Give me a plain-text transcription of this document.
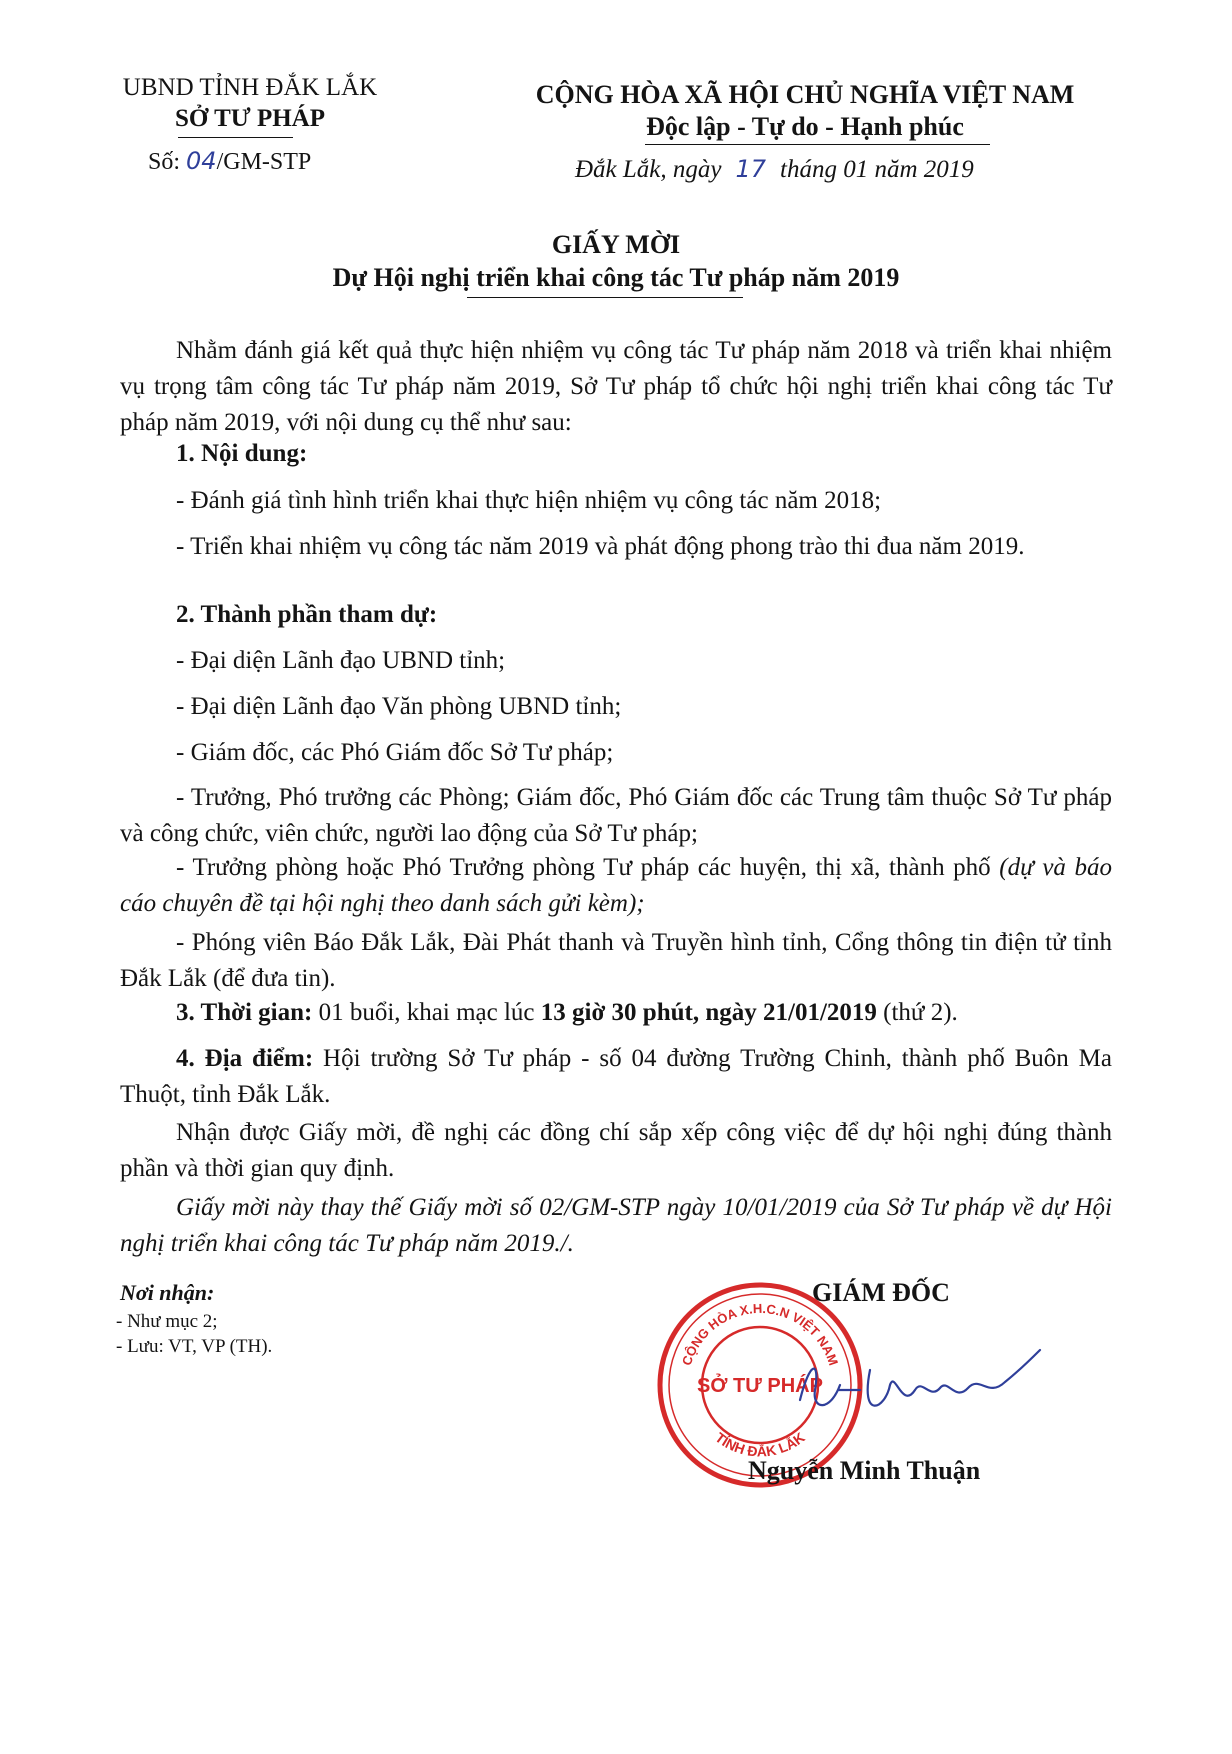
UBND TỈNH ĐẮK LẮK
SỞ TƯ PHÁP
Số: 04/GM-STP
CỘNG HÒA XÃ HỘI CHỦ NGHĨA VIỆT NAM
Độc lập - Tự do - Hạnh phúc
Đắk Lắk, ngày 17 tháng 01 năm 2019
GIẤY MỜI
Dự Hội nghị triển khai công tác Tư pháp năm 2019
Nhằm đánh giá kết quả thực hiện nhiệm vụ công tác Tư pháp năm 2018 và triển khai nhiệm vụ trọng tâm công tác Tư pháp năm 2019, Sở Tư pháp tổ chức hội nghị triển khai công tác Tư pháp năm 2019, với nội dung cụ thể như sau:
1. Nội dung:
- Đánh giá tình hình triển khai thực hiện nhiệm vụ công tác năm 2018;
- Triển khai nhiệm vụ công tác năm 2019 và phát động phong trào thi đua năm 2019.
2. Thành phần tham dự:
- Đại diện Lãnh đạo UBND tỉnh;
- Đại diện Lãnh đạo Văn phòng UBND tỉnh;
- Giám đốc, các Phó Giám đốc Sở Tư pháp;
- Trưởng, Phó trưởng các Phòng; Giám đốc, Phó Giám đốc các Trung tâm thuộc Sở Tư pháp và công chức, viên chức, người lao động của Sở Tư pháp;
- Trưởng phòng hoặc Phó Trưởng phòng Tư pháp các huyện, thị xã, thành phố (dự và báo cáo chuyên đề tại hội nghị theo danh sách gửi kèm);
- Phóng viên Báo Đắk Lắk, Đài Phát thanh và Truyền hình tỉnh, Cổng thông tin điện tử tỉnh Đắk Lắk (để đưa tin).
3. Thời gian: 01 buổi, khai mạc lúc 13 giờ 30 phút, ngày 21/01/2019 (thứ 2).
4. Địa điểm: Hội trường Sở Tư pháp - số 04 đường Trường Chinh, thành phố Buôn Ma Thuột, tỉnh Đắk Lắk.
Nhận được Giấy mời, đề nghị các đồng chí sắp xếp công việc để dự hội nghị đúng thành phần và thời gian quy định.
Giấy mời này thay thế Giấy mời số 02/GM-STP ngày 10/01/2019 của Sở Tư pháp về dự Hội nghị triển khai công tác Tư pháp năm 2019./.
Nơi nhận:
- Như mục 2;
- Lưu: VT, VP (TH).
GIÁM ĐỐC
CỘNG HÒA X.H.C.N VIỆT NAM
TỈNH ĐẮK LẮK
SỞ TƯ PHÁP
Nguyễn Minh Thuận
